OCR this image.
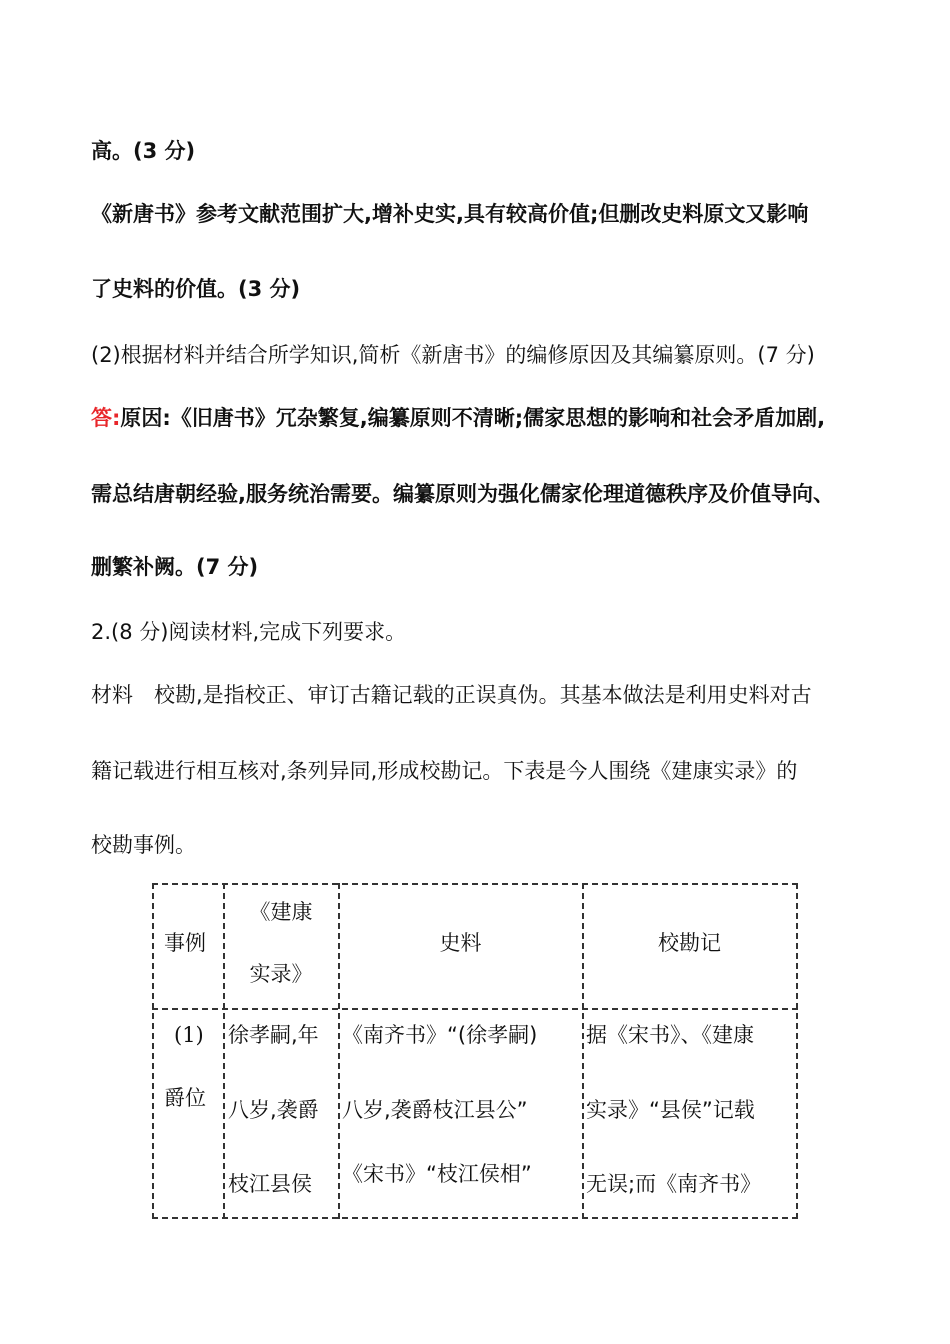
高。(3 分)
《新唐书》参考文献范围扩大,增补史实,具有较高价值;但删改史料原文又影响
了史料的价值。(3 分)
(2)根据材料并结合所学知识,简析《新唐书》的编修原因及其编纂原则。(7 分)
答:原因:《旧唐书》冗杂繁复,编纂原则不清晰;儒家思想的影响和社会矛盾加剧,
需总结唐朝经验,服务统治需要。编纂原则为强化儒家伦理道德秩序及价值导向、
删繁补阙。(7 分)
2.(8 分)阅读材料,完成下列要求。
材料　校勘,是指校正、审订古籍记载的正误真伪。其基本做法是利用史料对古
籍记载进行相互核对,条列异同,形成校勘记。下表是今人围绕《建康实录》的
校勘事例。
事例
《建康
实录》
史料	校勘记
(1)
爵位
徐孝嗣,年
八岁,袭爵
枝江县侯
《南齐书》“(徐孝嗣)
八岁,袭爵枝江县公”
《宋书》“枝江侯相”
据《宋书》、《建康
实录》“县侯”记载
无误;而《南齐书》
